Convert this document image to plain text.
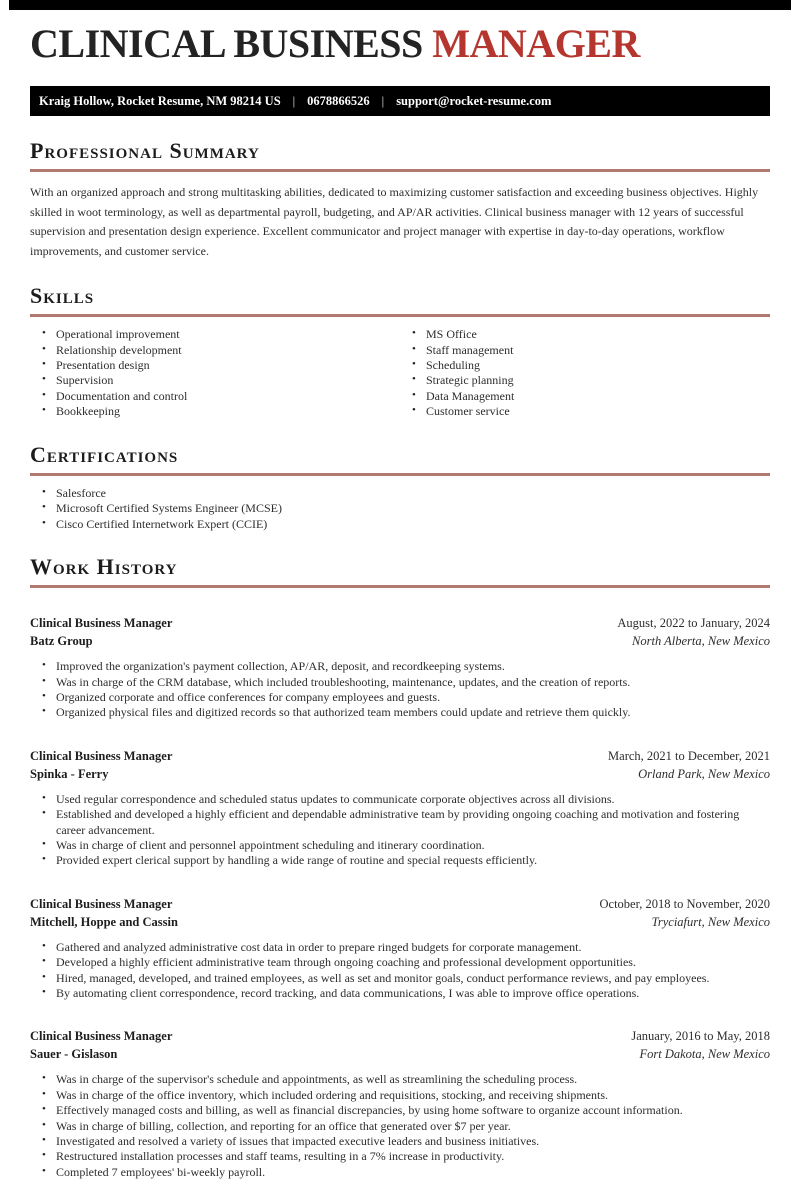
CLINICAL BUSINESS MANAGER
Kraig Hollow, Rocket Resume, NM 98214 US | 0678866526 | support@rocket-resume.com
Professional Summary
With an organized approach and strong multitasking abilities, dedicated to maximizing customer satisfaction and exceeding business objectives. Highly skilled in woot terminology, as well as departmental payroll, budgeting, and AP/AR activities. Clinical business manager with 12 years of successful supervision and presentation design experience. Excellent communicator and project manager with expertise in day-to-day operations, workflow improvements, and customer service.
Skills
• Operational improvement
• Relationship development
• Presentation design
• Supervision
• Documentation and control
• Bookkeeping
• MS Office
• Staff management
• Scheduling
• Strategic planning
• Data Management
• Customer service
Certifications
• Salesforce
• Microsoft Certified Systems Engineer (MCSE)
• Cisco Certified Internetwork Expert (CCIE)
Work History
Clinical Business Manager	August, 2022 to January, 2024
Batz Group	North Alberta, New Mexico
• Improved the organization's payment collection, AP/AR, deposit, and recordkeeping systems.
• Was in charge of the CRM database, which included troubleshooting, maintenance, updates, and the creation of reports.
• Organized corporate and office conferences for company employees and guests.
• Organized physical files and digitized records so that authorized team members could update and retrieve them quickly.
Clinical Business Manager	March, 2021 to December, 2021
Spinka - Ferry	Orland Park, New Mexico
• Used regular correspondence and scheduled status updates to communicate corporate objectives across all divisions.
• Established and developed a highly efficient and dependable administrative team by providing ongoing coaching and motivation and fostering career advancement.
• Was in charge of client and personnel appointment scheduling and itinerary coordination.
• Provided expert clerical support by handling a wide range of routine and special requests efficiently.
Clinical Business Manager	October, 2018 to November, 2020
Mitchell, Hoppe and Cassin	Tryciafurt, New Mexico
• Gathered and analyzed administrative cost data in order to prepare ringed budgets for corporate management.
• Developed a highly efficient administrative team through ongoing coaching and professional development opportunities.
• Hired, managed, developed, and trained employees, as well as set and monitor goals, conduct performance reviews, and pay employees.
• By automating client correspondence, record tracking, and data communications, I was able to improve office operations.
Clinical Business Manager	January, 2016 to May, 2018
Sauer - Gislason	Fort Dakota, New Mexico
• Was in charge of the supervisor's schedule and appointments, as well as streamlining the scheduling process.
• Was in charge of the office inventory, which included ordering and requisitions, stocking, and receiving shipments.
• Effectively managed costs and billing, as well as financial discrepancies, by using home software to organize account information.
• Was in charge of billing, collection, and reporting for an office that generated over $7 per year.
• Investigated and resolved a variety of issues that impacted executive leaders and business initiatives.
• Restructured installation processes and staff teams, resulting in a 7% increase in productivity.
• Completed 7 employees' bi-weekly payroll.
